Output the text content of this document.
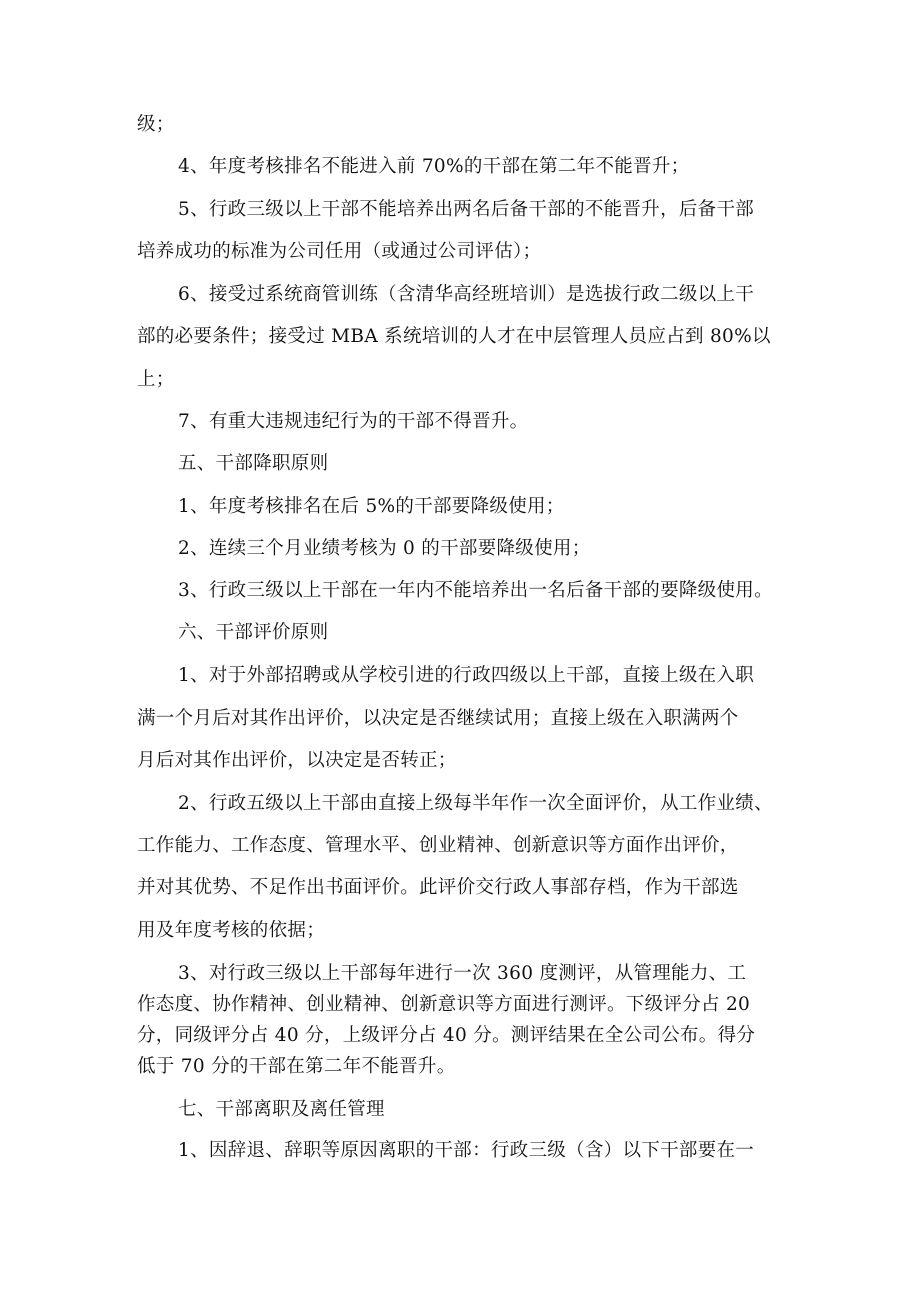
级；
4、年度考核排名不能进入前 70%的干部在第二年不能晋升；
5、行政三级以上干部不能培养出两名后备干部的不能晋升，后备干部
培养成功的标准为公司任用（或通过公司评估）；
6、接受过系统商管训练（含清华高经班培训）是选拔行政二级以上干
部的必要条件；接受过 MBA 系统培训的人才在中层管理人员应占到 80%以
上；
7、有重大违规违纪行为的干部不得晋升。
五、干部降职原则
1、年度考核排名在后 5%的干部要降级使用；
2、连续三个月业绩考核为 0 的干部要降级使用；
3、行政三级以上干部在一年内不能培养出一名后备干部的要降级使用。
六、干部评价原则
1、对于外部招聘或从学校引进的行政四级以上干部，直接上级在入职
满一个月后对其作出评价，以决定是否继续试用；直接上级在入职满两个
月后对其作出评价，以决定是否转正；
2、行政五级以上干部由直接上级每半年作一次全面评价，从工作业绩、
工作能力、工作态度、管理水平、创业精神、创新意识等方面作出评价，
并对其优势、不足作出书面评价。此评价交行政人事部存档，作为干部选
用及年度考核的依据；
3、对行政三级以上干部每年进行一次 360 度测评，从管理能力、工
作态度、协作精神、创业精神、创新意识等方面进行测评。下级评分占 20
分，同级评分占 40 分，上级评分占 40 分。测评结果在全公司公布。得分
低于 70 分的干部在第二年不能晋升。
七、干部离职及离任管理
1、因辞退、辞职等原因离职的干部：行政三级（含）以下干部要在一
